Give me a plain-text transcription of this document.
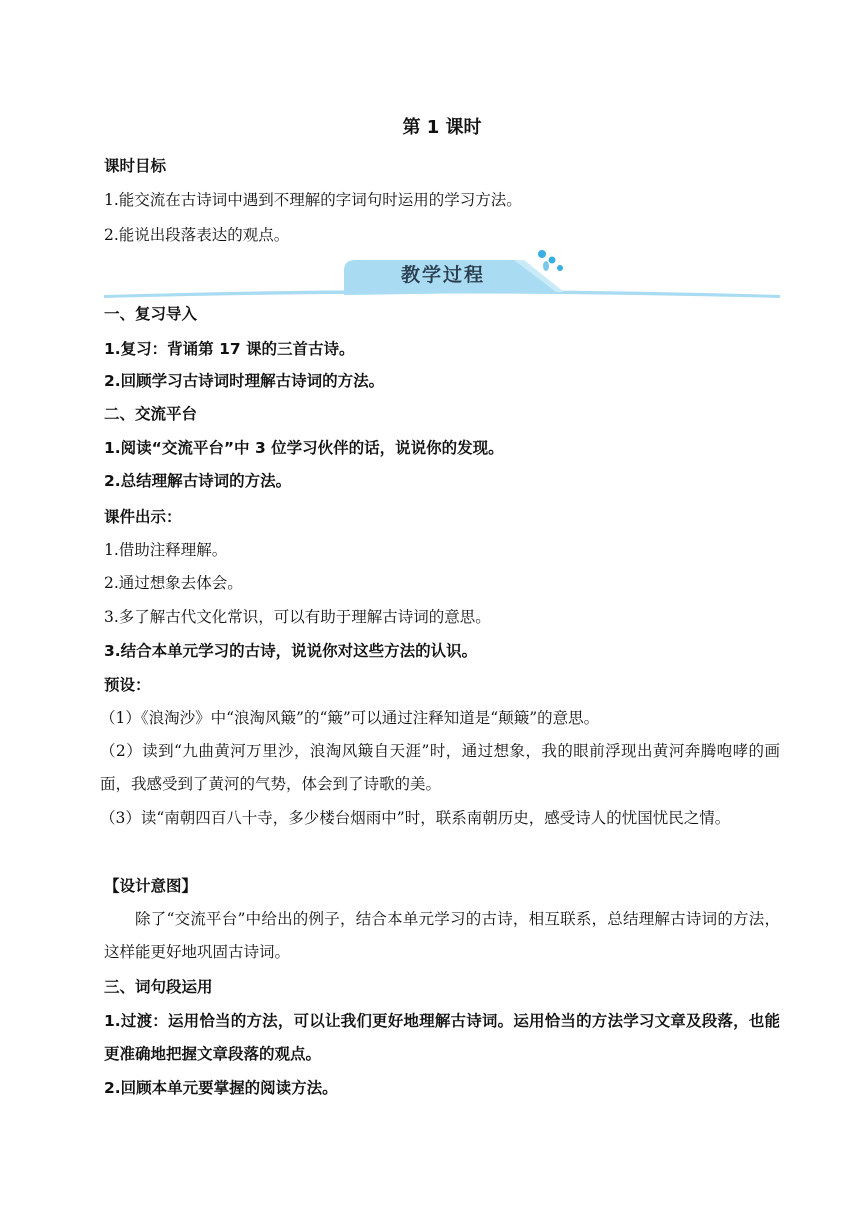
第 1 课时
课时目标
1.能交流在古诗词中遇到不理解的字词句时运用的学习方法。
2.能说出段落表达的观点。
教学过程
一、复习导入
1.复习：背诵第 17 课的三首古诗。
2.回顾学习古诗词时理解古诗词的方法。
二、交流平台
1.阅读“交流平台”中 3 位学习伙伴的话，说说你的发现。
2.总结理解古诗词的方法。
课件出示：
1.借助注释理解。
2.通过想象去体会。
3.多了解古代文化常识，可以有助于理解古诗词的意思。
3.结合本单元学习的古诗，说说你对这些方法的认识。
预设：
（1）《浪淘沙》中“浪淘风簸”的“簸”可以通过注释知道是“颠簸”的意思。
（2）读到“九曲黄河万里沙，浪淘风簸自天涯”时，通过想象，我的眼前浮现出黄河奔腾咆哮的画面，我感受到了黄河的气势，体会到了诗歌的美。
（3）读“南朝四百八十寺，多少楼台烟雨中”时，联系南朝历史，感受诗人的忧国忧民之情。
【设计意图】
除了“交流平台”中给出的例子，结合本单元学习的古诗，相互联系，总结理解古诗词的方法，这样能更好地巩固古诗词。
三、词句段运用
1.过渡：运用恰当的方法，可以让我们更好地理解古诗词。运用恰当的方法学习文章及段落，也能更准确地把握文章段落的观点。
2.回顾本单元要掌握的阅读方法。
